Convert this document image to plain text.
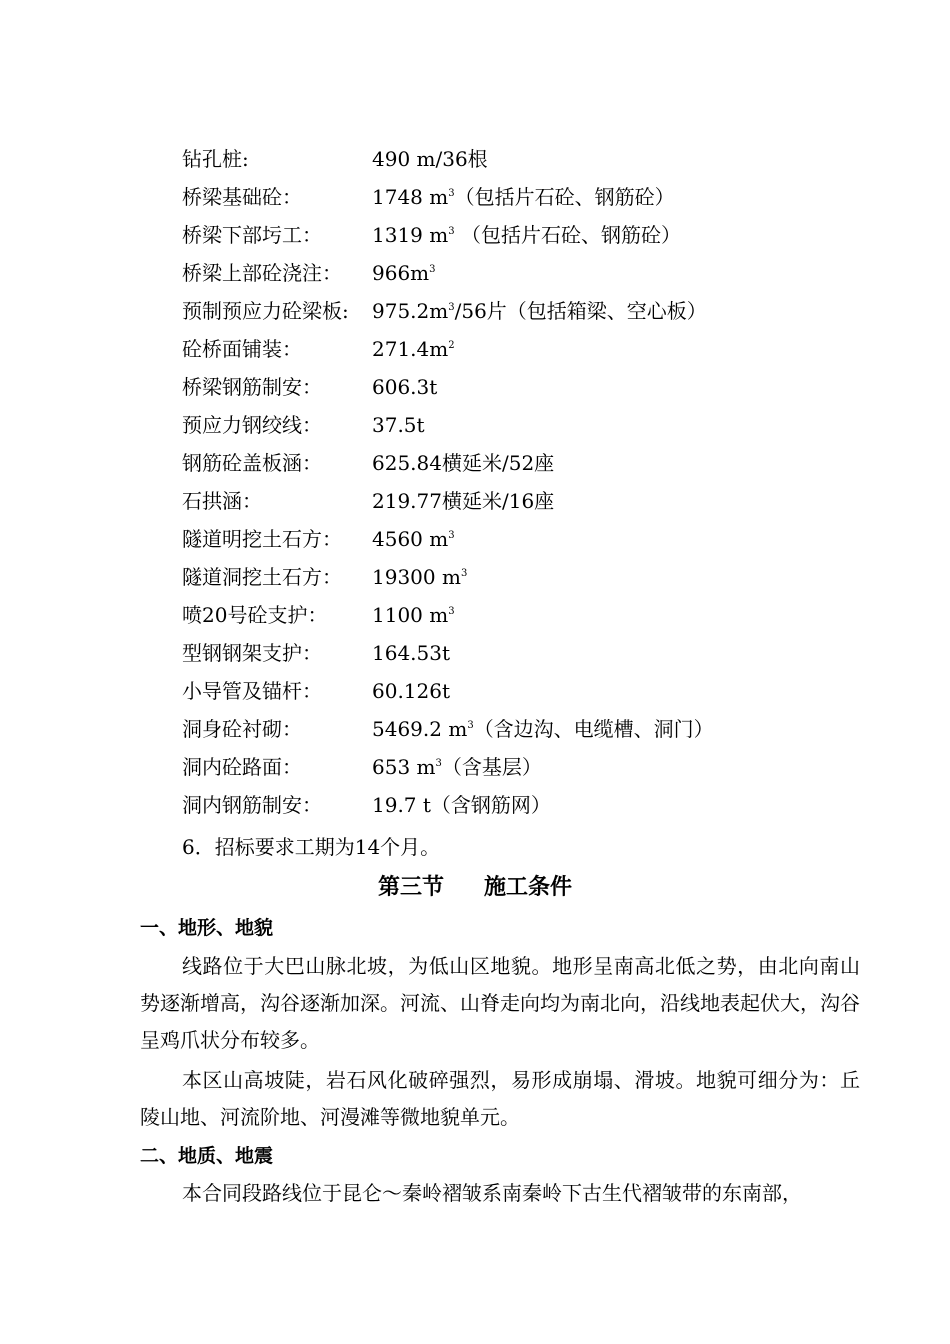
钻孔桩:	490 m/36根
桥梁基础砼：	1748 $m^3$（包括片石砼、钢筋砼）
桥梁下部圬工：	1319 $m^3$ （包括片石砼、钢筋砼）
桥梁上部砼浇注： $966m^3$
预制预应力砼梁板: $975.2m^3/56$片（包括箱梁、空心板）
砼桥面铺装：	$271.4m^2$
桥梁钢筋制安：	606.3t
预应力钢绞线：	37.5t
钢筋砼盖板涵：	625.84横延米/52座
石拱涵：	219.77横延米/16座
隧道明挖土石方： 4560 $m^3$
隧道洞挖土石方： 19300 $m^3$
喷20号砼支护： 1100 $m^3$
型钢钢架支护：	164.53t
小导管及锚杆：	60.126t
洞身砼衬砌：	5469.2 $m^3$（含边沟、电缆槽、洞门）
洞内砼路面：	653 $m^3$（含基层）
洞内钢筋制安：	19.7 t（含钢筋网）
6．招标要求工期为14个月。
第三节 施工条件
一、地形、地貌
线路位于大巴山脉北坡，为低山区地貌。地形呈南高北低之势，由北向南山势逐渐增高，沟谷逐渐加深。河流、山脊走向均为南北向，沿线地表起伏大，沟谷呈鸡爪状分布较多。
本区山高坡陡，岩石风化破碎强烈，易形成崩塌、滑坡。地貌可细分为：丘陵山地、河流阶地、河漫滩等微地貌单元。
二、地质、地震
本合同段路线位于昆仑～秦岭褶皱系南秦岭下古生代褶皱带的东南部，
